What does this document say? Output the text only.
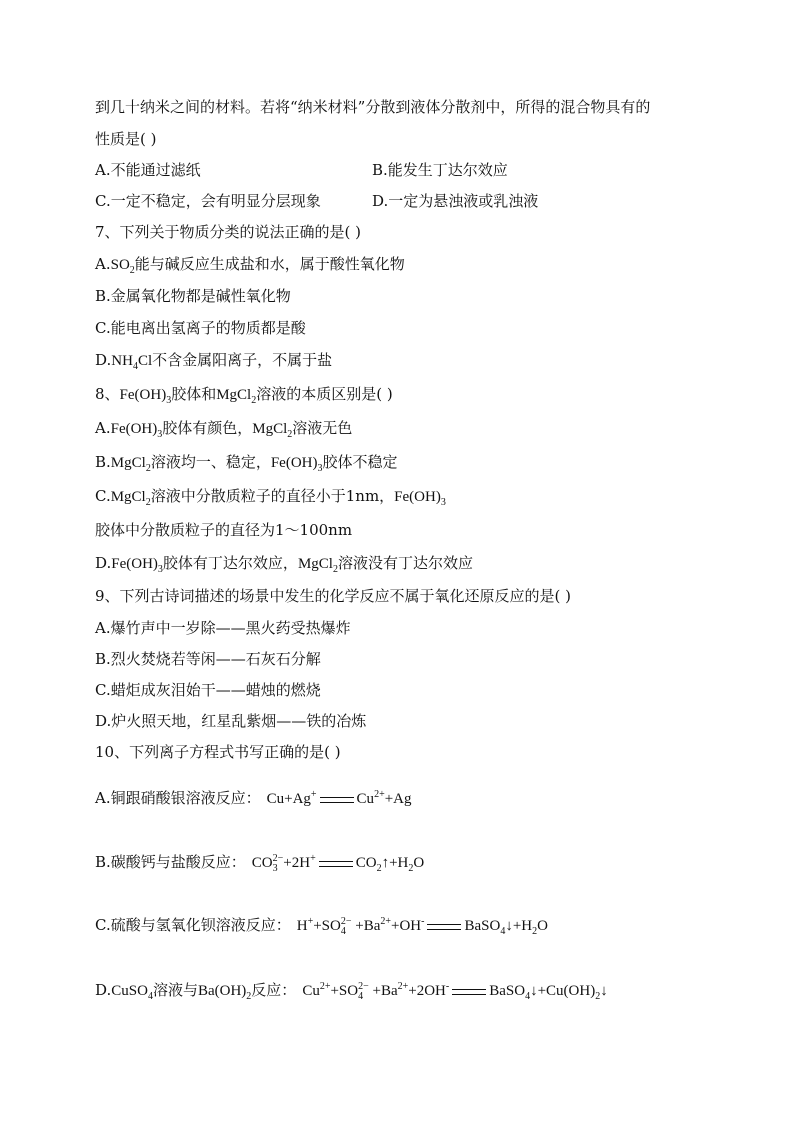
到几十纳米之间的材料。若将“纳米材料”分散到液体分散剂中，所得的混合物具有的
性质是( )
A.不能通过滤纸	B.能发生丁达尔效应
C.一定不稳定，会有明显分层现象	D.一定为悬浊液或乳浊液
7、下列关于物质分类的说法正确的是( )
$A.SO_2$能与碱反应生成盐和水，属于酸性氧化物
B.金属氧化物都是碱性氧化物
C.能电离出氢离子的物质都是酸
$D.NH_4Cl$不含金属阳离子，不属于盐
8、$Fe(OH)_3$胶体和MgCl$_2$溶液的本质区别是( )
$A.Fe(OH)_3$胶体有颜色，MgCl$_2$溶液无色
B.MgCl$_2$溶液均一、稳定，$Fe(OH)_3$胶体不稳定
C.MgCl$_2$溶液中分散质粒子的直径小于1nm，$Fe(OH)_3$
胶体中分散质粒子的直径为1～100nm
$D.Fe(OH)_3$胶体有丁达尔效应，MgCl$_2$溶液没有丁达尔效应
9、下列古诗词描述的场景中发生的化学反应不属于氧化还原反应的是( )
A.爆竹声中一岁除——黑火药受热爆炸
B.烈火焚烧若等闲——石灰石分解
C.蜡炬成灰泪始干——蜡烛的燃烧
D.炉火照天地，红星乱紫烟——铁的冶炼
10、下列离子方程式书写正确的是( )
A.铜跟硝酸银溶液反应： Cu+Ag+	$Cu^{2+}+Ag$
B.碳酸钙与盐酸反应： $CO_3^{2-}+2H^+$	$CO_2↑+H_2O$
C.硫酸与氢氧化钡溶液反应： $H^++SO_4^{2-} +Ba^{2+}+OH^-$	$BaSO_4↓+H_2O$
D.CuSO$_4$溶液与$Ba(OH)_2$反应： $Cu^{2+}+SO_4^{2-} +Ba^{2+}+2OH^-$	$BaSO_4↓+Cu(OH)_2↓$
